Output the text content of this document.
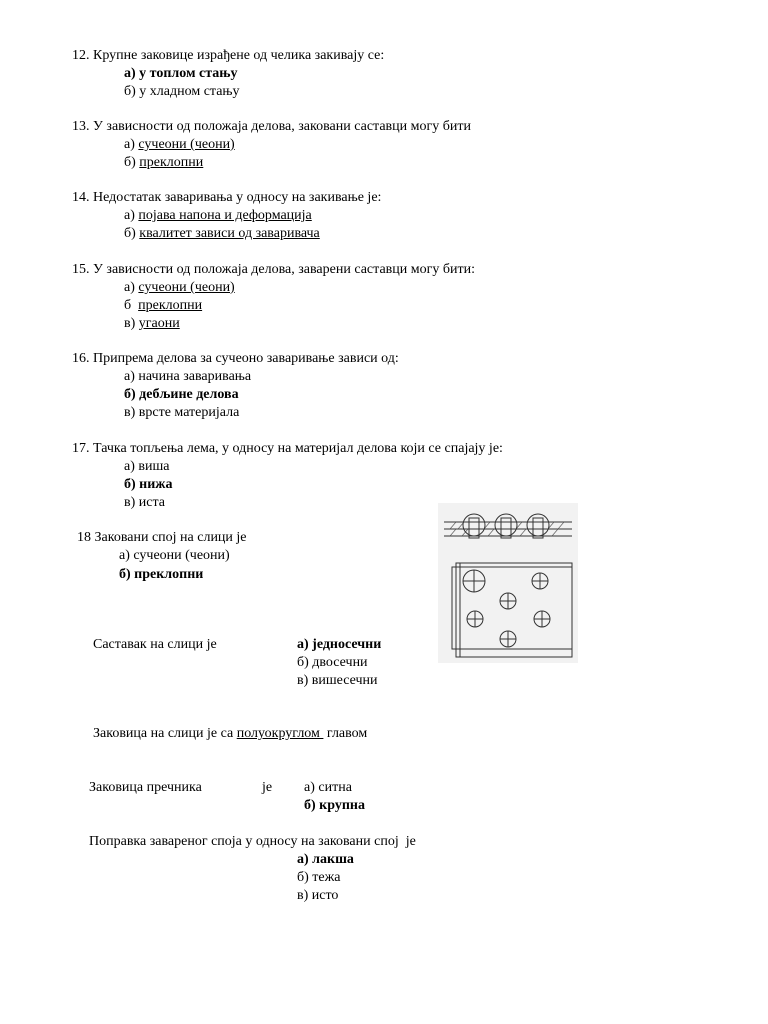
12. Крупне заковице израђене од челика закивају се:
а) у топлом стању
б) у хладном стању
13. У зависности од положаја делова, заковани саставци могу бити
а) сучеони (чеони)
б) преклопни
14. Недостатак заваривања у односу на закивање је:
а) појава напона и деформација
б) квалитет зависи од заваривача
15. У зависности од положаја делова, заварени саставци могу бити:
а) сучеони (чеони)
б  преклопни
в) угаони
16. Припрема делова за сучеоно заваривање зависи од:
а) начина заваривања
б) дебљине делова
в) врсте материјала
17. Тачка топљења лема, у односу на материјал делова који се спајају је:
а) виша
б) нижа
в) иста
18 Заковани спој на слици је
а) сучеони (чеони)
б) преклопни
Саставак на слици је	а) једносечни
б) двосечни
в) вишесечни
Заковица на слици је са полуокруглом  главом
Заковица пречника	је а) ситна
б) крупна
Поправка завареног споја у односу на заковани спој  је
а) лакша
б) тежа
в) исто
